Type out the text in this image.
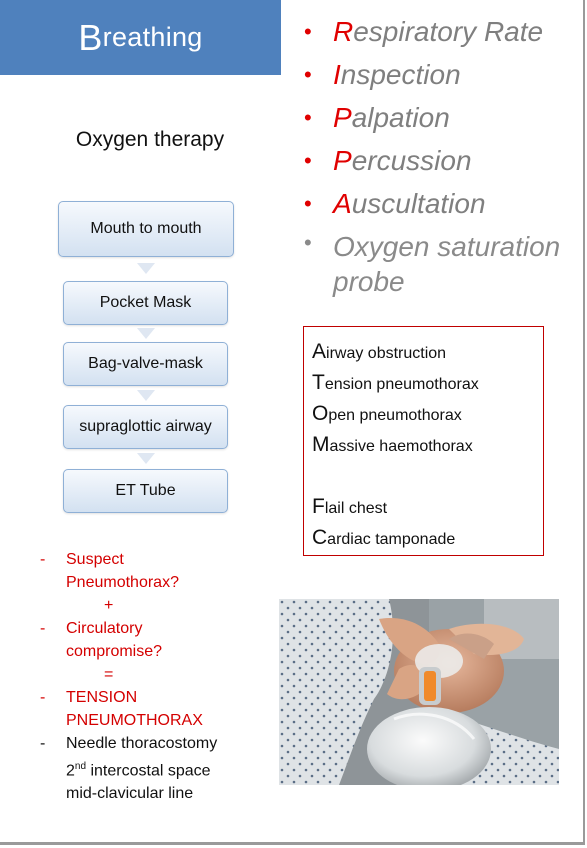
B reathing
Oxygen therapy
Mouth to mouth
Pocket Mask
Bag-valve-mask
supraglottic airway
ET Tube
• Respiratory Rate
• Inspection
• Palpation
• Percussion
• Auscultation
• Oxygen saturation
probe
Airway obstruction
Tension pneumothorax
Open pneumothorax
Massive haemothorax
Flail chest
Cardiac tamponade
- Suspect
Pneumothorax?
+
- Circulatory
compromise?
=
- TENSION
PNEUMOTHORAX
- Needle thoracostomy
2nd intercostal space
mid-clavicular line
